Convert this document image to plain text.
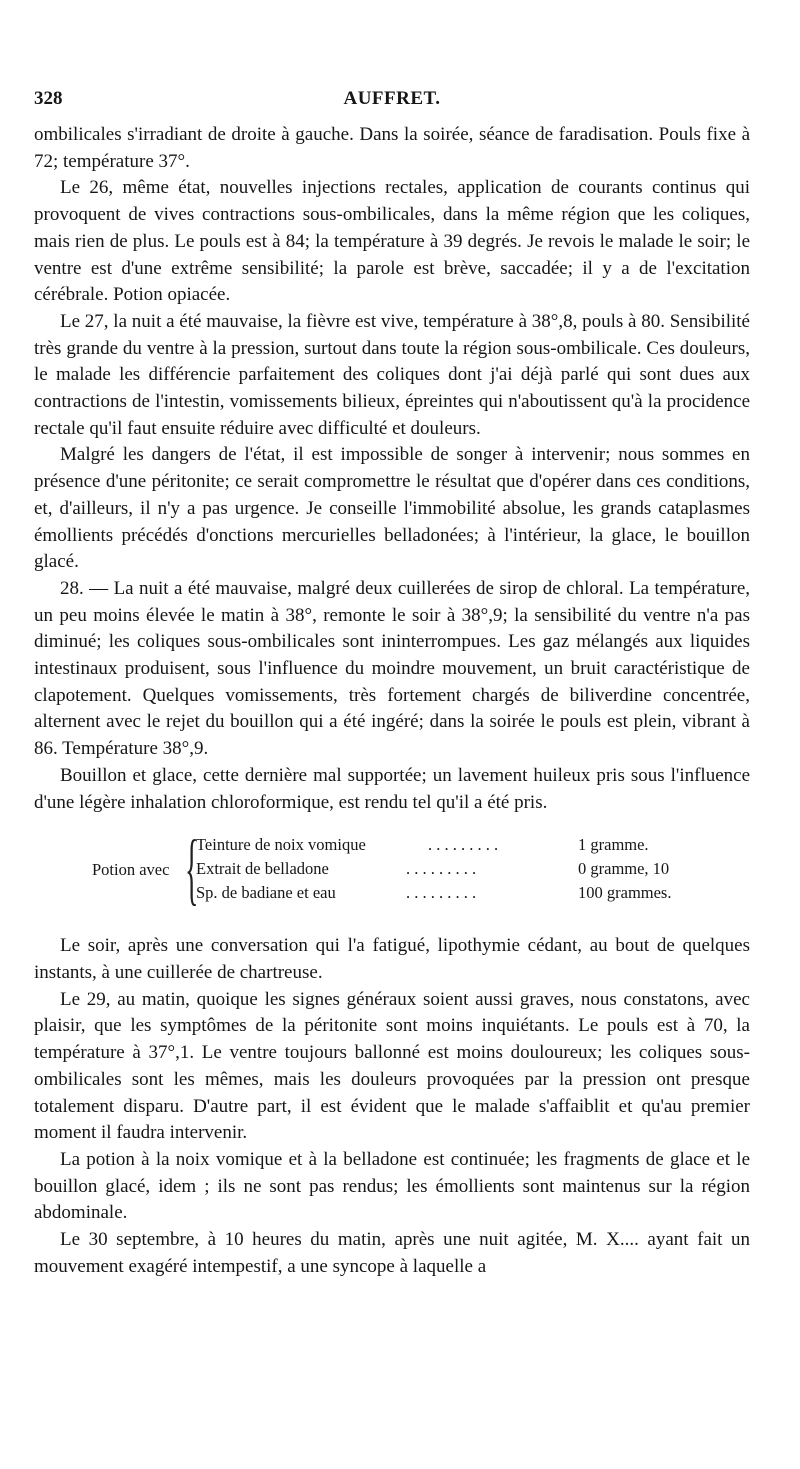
328	AUFFRET.

ombilicales s'irradiant de droite à gauche. Dans la soirée, séance de faradisation. Pouls fixe à 72; température 37°.

Le 26, même état, nouvelles injections rectales, application de courants continus qui provoquent de vives contractions sous-ombilicales, dans la même région que les coliques, mais rien de plus. Le pouls est à 84; la température à 39 degrés. Je revois le malade le soir; le ventre est d'une extrême sensibilité; la parole est brève, saccadée; il y a de l'excitation cérébrale. Potion opiacée.

Le 27, la nuit a été mauvaise, la fièvre est vive, température à 38°,8, pouls à 80. Sensibilité très grande du ventre à la pression, surtout dans toute la région sous-ombilicale. Ces douleurs, le malade les différencie parfaitement des coliques dont j'ai déjà parlé qui sont dues aux contractions de l'intestin, vomissements bilieux, épreintes qui n'aboutissent qu'à la procidence rectale qu'il faut ensuite réduire avec difficulté et douleurs.

Malgré les dangers de l'état, il est impossible de songer à intervenir; nous sommes en présence d'une péritonite; ce serait compromettre le résultat que d'opérer dans ces conditions, et, d'ailleurs, il n'y a pas urgence. Je conseille l'immobilité absolue, les grands cataplasmes émollients précédés d'onctions mercurielles belladonées; à l'intérieur, la glace, le bouillon glacé.

28. — La nuit a été mauvaise, malgré deux cuillerées de sirop de chloral. La température, un peu moins élevée le matin à 38°, remonte le soir à 38°,9; la sensibilité du ventre n'a pas diminué; les coliques sous-ombilicales sont ininterrompues. Les gaz mélangés aux liquides intestinaux produisent, sous l'influence du moindre mouvement, un bruit caractéristique de clapotement. Quelques vomissements, très fortement chargés de biliverdine concentrée, alternent avec le rejet du bouillon qui a été ingéré; dans la soirée le pouls est plein, vibrant à 86. Température 38°,9.

Bouillon et glace, cette dernière mal supportée; un lavement huileux pris sous l'influence d'une légère inhalation chloroformique, est rendu tel qu'il a été pris.

Potion avec {
Teinture de noix vomique	. . . . . . . . .	1 gramme.
Extrait de belladone	. . . . . . . . .	0 gramme, 10
Sp. de badiane et eau	. . . . . . . . .	100 grammes.

Le soir, après une conversation qui l'a fatigué, lipothymie cédant, au bout de quelques instants, à une cuillerée de chartreuse.

Le 29, au matin, quoique les signes généraux soient aussi graves, nous constatons, avec plaisir, que les symptômes de la péritonite sont moins inquiétants. Le pouls est à 70, la température à 37°,1. Le ventre toujours ballonné est moins douloureux; les coliques sous-ombilicales sont les mêmes, mais les douleurs provoquées par la pression ont presque totalement disparu. D'autre part, il est évident que le malade s'affaiblit et qu'au premier moment il faudra intervenir.

La potion à la noix vomique et à la belladone est continuée; les fragments de glace et le bouillon glacé, idem ; ils ne sont pas rendus; les émollients sont maintenus sur la région abdominale.

Le 30 septembre, à 10 heures du matin, après une nuit agitée, M. X.... ayant fait un mouvement exagéré intempestif, a une syncope à laquelle a
